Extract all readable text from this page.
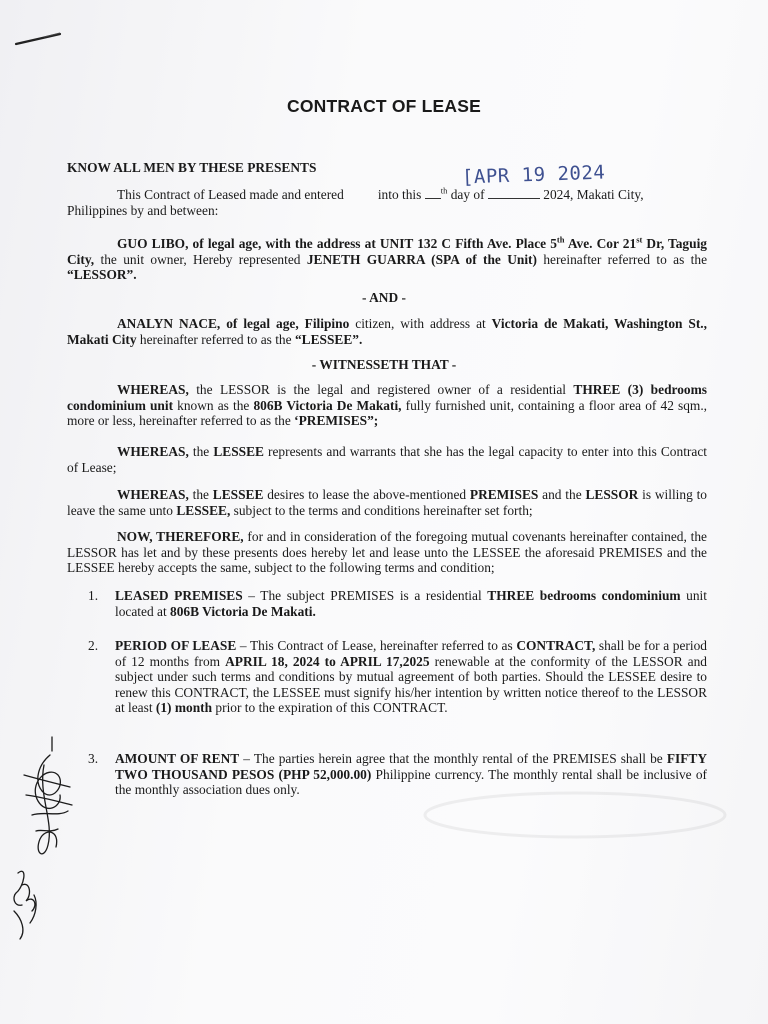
CONTRACT OF LEASE
KNOW ALL MEN BY THESE PRESENTS
This Contract of Leased made and entered	into this $^{th}$ day of	2024, Makati City,
Philippines by and between:
[APR 19 2024
GUO LIBO, of legal age, with the address at UNIT 132 C Fifth Ave. Place 5th Ave. Cor 21st Dr, Taguig City, the unit owner, Hereby represented JENETH GUARRA (SPA of the Unit) hereinafter referred to as the “LESSOR”.
- AND -
ANALYN NACE, of legal age, Filipino citizen, with address at Victoria de Makati, Washington St., Makati City hereinafter referred to as the “LESSEE”.
- WITNESSETH THAT -
WHEREAS, the LESSOR is the legal and registered owner of a residential THREE (3) bedrooms condominium unit known as the 806B Victoria De Makati, fully furnished unit, containing a floor area of 42 sqm., more or less, hereinafter referred to as the ‘PREMISES”;
WHEREAS, the LESSEE represents and warrants that she has the legal capacity to enter into this Contract of Lease;
WHEREAS, the LESSEE desires to lease the above-mentioned PREMISES and the LESSOR is willing to leave the same unto LESSEE, subject to the terms and conditions hereinafter set forth;
NOW, THEREFORE, for and in consideration of the foregoing mutual covenants hereinafter contained, the LESSOR has let and by these presents does hereby let and lease unto the LESSEE the aforesaid PREMISES and the LESSEE hereby accepts the same, subject to the following terms and condition;
1. LEASED PREMISES – The subject PREMISES is a residential THREE bedrooms condominium unit located at 806B Victoria De Makati.
2. PERIOD OF LEASE – This Contract of Lease, hereinafter referred to as CONTRACT, shall be for a period of 12 months from APRIL 18, 2024 to APRIL 17,2025 renewable at the conformity of the LESSOR and subject under such terms and conditions by mutual agreement of both parties. Should the LESSEE desire to renew this CONTRACT, the LESSEE must signify his/her intention by written notice thereof to the LESSOR at least (1) month prior to the expiration of this CONTRACT.
3. AMOUNT OF RENT – The parties herein agree that the monthly rental of the PREMISES shall be FIFTY TWO THOUSAND PESOS (PHP 52,000.00) Philippine currency. The monthly rental shall be inclusive of the monthly association dues only.
